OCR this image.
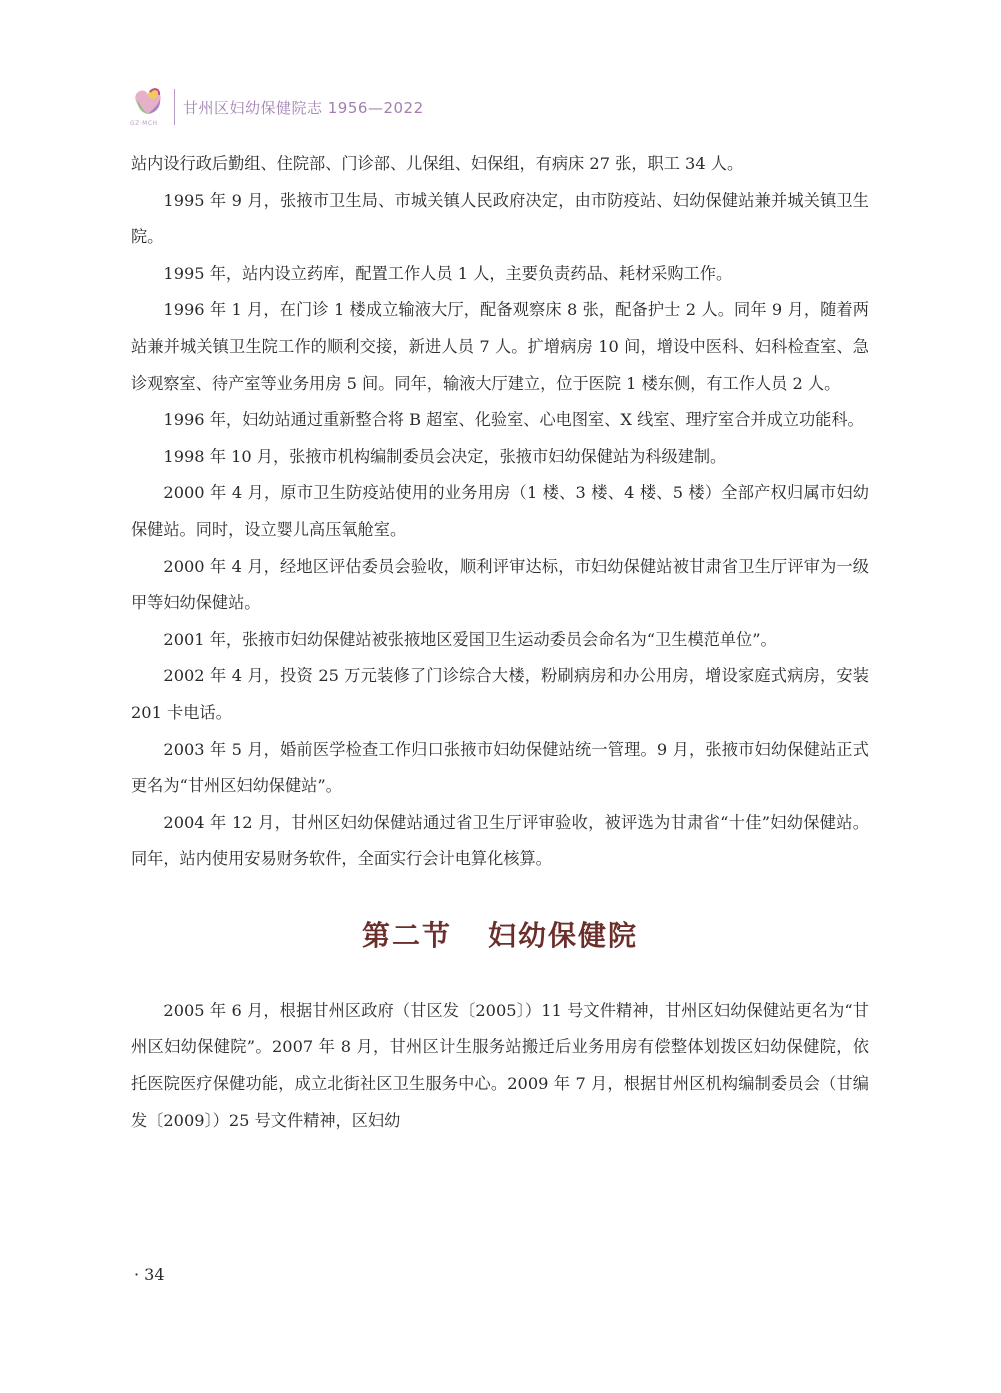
GZ·MCH
甘州区妇幼保健院志 1956—2022

站内设行政后勤组、住院部、门诊部、儿保组、妇保组，有病床 27 张，职工 34 人。

1995 年 9 月，张掖市卫生局、市城关镇人民政府决定，由市防疫站、妇幼保健站兼并城关镇卫生院。

1995 年，站内设立药库，配置工作人员 1 人，主要负责药品、耗材采购工作。

1996 年 1 月，在门诊 1 楼成立输液大厅，配备观察床 8 张，配备护士 2 人。同年 9 月，随着两站兼并城关镇卫生院工作的顺利交接，新进人员 7 人。扩增病房 10 间，增设中医科、妇科检查室、急诊观察室、待产室等业务用房 5 间。同年，输液大厅建立，位于医院 1 楼东侧，有工作人员 2 人。

1996 年，妇幼站通过重新整合将 B 超室、化验室、心电图室、X 线室、理疗室合并成立功能科。

1998 年 10 月，张掖市机构编制委员会决定，张掖市妇幼保健站为科级建制。

2000 年 4 月，原市卫生防疫站使用的业务用房（1 楼、3 楼、4 楼、5 楼）全部产权归属市妇幼保健站。同时，设立婴儿高压氧舱室。

2000 年 4 月，经地区评估委员会验收，顺利评审达标，市妇幼保健站被甘肃省卫生厅评审为一级甲等妇幼保健站。

2001 年，张掖市妇幼保健站被张掖地区爱国卫生运动委员会命名为“卫生模范单位”。

2002 年 4 月，投资 25 万元装修了门诊综合大楼，粉刷病房和办公用房，增设家庭式病房，安装 201 卡电话。

2003 年 5 月，婚前医学检查工作归口张掖市妇幼保健站统一管理。9 月，张掖市妇幼保健站正式更名为“甘州区妇幼保健站”。

2004 年 12 月，甘州区妇幼保健站通过省卫生厅评审验收，被评选为甘肃省“十佳”妇幼保健站。同年，站内使用安易财务软件，全面实行会计电算化核算。

第二节 妇幼保健院

2005 年 6 月，根据甘州区政府（甘区发〔2005〕）11 号文件精神，甘州区妇幼保健站更名为“甘州区妇幼保健院”。2007 年 8 月，甘州区计生服务站搬迁后业务用房有偿整体划拨区妇幼保健院，依托医院医疗保健功能，成立北街社区卫生服务中心。2009 年 7 月，根据甘州区机构编制委员会（甘编发〔2009〕）25 号文件精神，区妇幼

· 34
